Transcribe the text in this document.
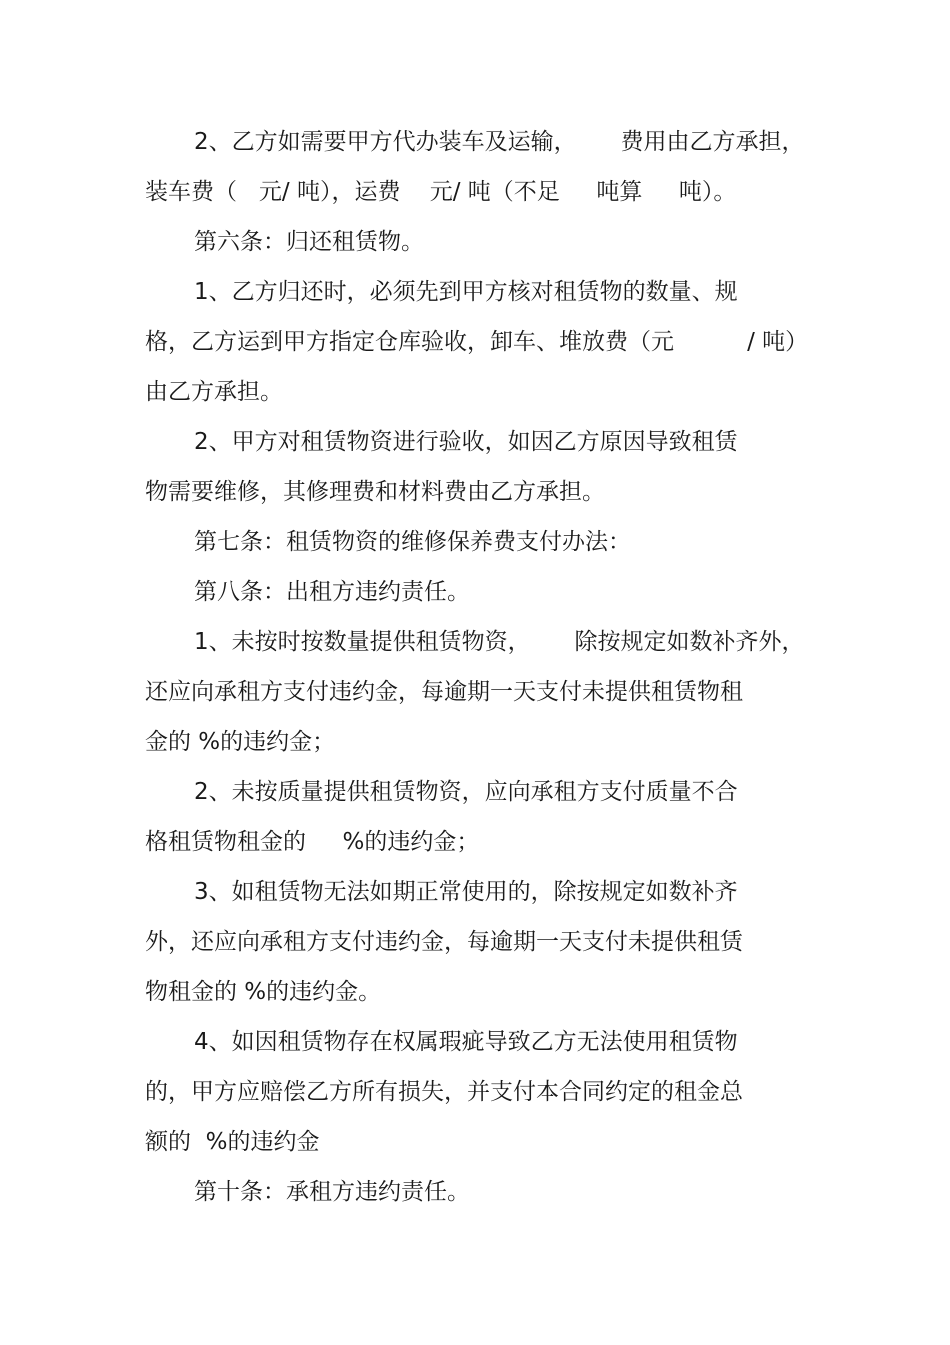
2、乙方如需要甲方代办装车及运输，      费用由乙方承担，
装车费（   元/ 吨），运费    元/ 吨（不足     吨算     吨）。
第六条：归还租赁物。
1、乙方归还时，必须先到甲方核对租赁物的数量、规
格，乙方运到甲方指定仓库验收，卸车、堆放费（元          / 吨）
由乙方承担。
2、甲方对租赁物资进行验收，如因乙方原因导致租赁
物需要维修，其修理费和材料费由乙方承担。
第七条：租赁物资的维修保养费支付办法：
第八条：出租方违约责任。
1、未按时按数量提供租赁物资，      除按规定如数补齐外，
还应向承租方支付违约金，每逾期一天支付未提供租赁物租
金的 %的违约金；
2、未按质量提供租赁物资，应向承租方支付质量不合
格租赁物租金的     %的违约金；
3、如租赁物无法如期正常使用的，除按规定如数补齐
外，还应向承租方支付违约金，每逾期一天支付未提供租赁
物租金的 %的违约金。
4、如因租赁物存在权属瑕疵导致乙方无法使用租赁物
的，甲方应赔偿乙方所有损失，并支付本合同约定的租金总
额的  %的违约金
第十条：承租方违约责任。
